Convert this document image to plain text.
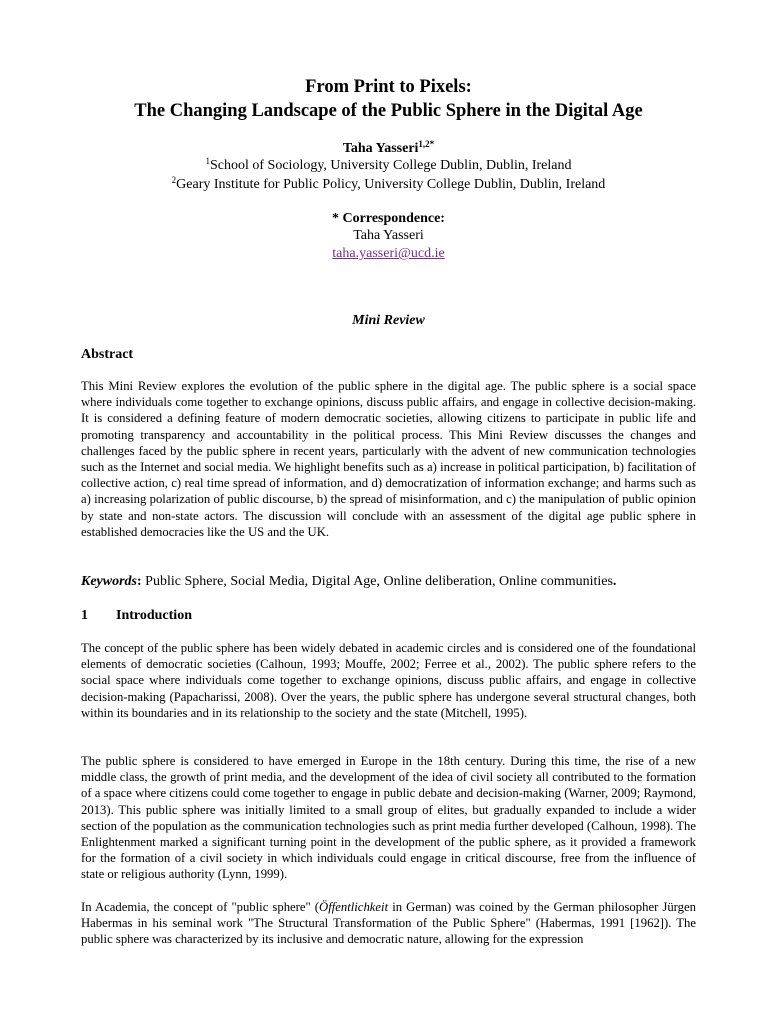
From Print to Pixels:
The Changing Landscape of the Public Sphere in the Digital Age
Taha Yasseri$^{1,2*}$
$^1$School of Sociology, University College Dublin, Dublin, Ireland
$^2$Geary Institute for Public Policy, University College Dublin, Dublin, Ireland
* Correspondence:
Taha Yasseri
taha.yasseri@ucd.ie
Mini Review
Abstract
This Mini Review explores the evolution of the public sphere in the digital age. The public sphere is a social space where individuals come together to exchange opinions, discuss public affairs, and engage in collective decision-making. It is considered a defining feature of modern democratic societies, allowing citizens to participate in public life and promoting transparency and accountability in the political process. This Mini Review discusses the changes and challenges faced by the public sphere in recent years, particularly with the advent of new communication technologies such as the Internet and social media. We highlight benefits such as a) increase in political participation, b) facilitation of collective action, c) real time spread of information, and d) democratization of information exchange; and harms such as a) increasing polarization of public discourse, b) the spread of misinformation, and c) the manipulation of public opinion by state and non-state actors. The discussion will conclude with an assessment of the digital age public sphere in established democracies like the US and the UK.
Keywords: Public Sphere, Social Media, Digital Age, Online deliberation, Online communities.
1 Introduction
The concept of the public sphere has been widely debated in academic circles and is considered one of the foundational elements of democratic societies (Calhoun, 1993; Mouffe, 2002; Ferree et al., 2002). The public sphere refers to the social space where individuals come together to exchange opinions, discuss public affairs, and engage in collective decision-making (Papacharissi, 2008). Over the years, the public sphere has undergone several structural changes, both within its boundaries and in its relationship to the society and the state (Mitchell, 1995).
The public sphere is considered to have emerged in Europe in the 18th century. During this time, the rise of a new middle class, the growth of print media, and the development of the idea of civil society all contributed to the formation of a space where citizens could come together to engage in public debate and decision-making (Warner, 2009; Raymond, 2013). This public sphere was initially limited to a small group of elites, but gradually expanded to include a wider section of the population as the communication technologies such as print media further developed (Calhoun, 1998). The Enlightenment marked a significant turning point in the development of the public sphere, as it provided a framework for the formation of a civil society in which individuals could engage in critical discourse, free from the influence of state or religious authority (Lynn, 1999).
In Academia, the concept of "public sphere" (Öffentlichkeit in German) was coined by the German philosopher Jürgen Habermas in his seminal work "The Structural Transformation of the Public Sphere" (Habermas, 1991 [1962]). The public sphere was characterized by its inclusive and democratic nature, allowing for the expression
